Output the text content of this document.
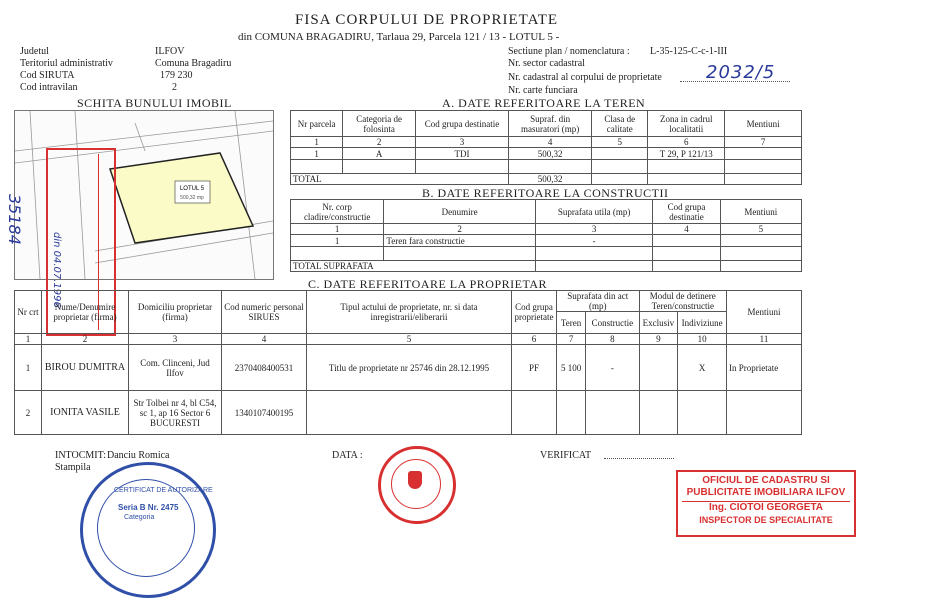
FISA CORPULUI DE PROPRIETATE
din COMUNA BRAGADIRU, Tarlaua 29, Parcela 121 / 13 - LOTUL 5 -
Judetul	ILFOV
Teritoriul administrativ	Comuna Bragadiru
Cod SIRUTA	179 230
Cod intravilan	2
Sectiune plan / nomenclatura : L-35-125-C-c-1-III
Nr. sector cadastral
Nr. cadastral al corpului de proprietate 2032/5
Nr. carte funciara
SCHITA BUNULUI IMOBIL
LOTUL 5
500,32 mp
35184
din 04.07.1996
A. DATE REFERITOARE LA TEREN
Nr parcela	Categoria de folosinta	Cod grupa destinatie	Supraf. din masuratori (mp)	Clasa de calitate	Zona in cadrul localitatii	Mentiuni
1	2	3	4	5	6	7
1	A	TDI	500,32		T 29, P 121/13	

TOTAL			500,32			
B. DATE REFERITOARE LA CONSTRUCTII
Nr. corp cladire/constructie	Denumire	Suprafata utila (mp)	Cod grupa destinatie	Mentiuni
1	2	3	4	5
1	Teren fara constructie	-		

TOTAL SUPRAFATA				
C. DATE REFERITOARE LA PROPRIETAR
Nr crt	Nume/Denumire proprietar (firma)	Domiciliu proprietar (firma)	Cod numeric personal SIRUES	Tipul actului de proprietate, nr. si data inregistrarii/eliberarii	Cod grupa proprietate	Suprafata din act (mp)		Modul de detinere Teren/constructie		Mentiuni
						Teren	Constructie	Exclusiv	Indiviziune	
1	2	3	4	5	6	7	8	9	10	11
1	BIROU DUMITRA	Com. Clinceni, Jud Ilfov	2370408400531	Titlu de proprietate nr 25746 din 28.12.1995	PF	5 100	-		X	In Proprietate
2	IONITA VASILE	Str Tolbei nr 4, bl C54, sc 1, ap 16 Sector 6 BUCURESTI	1340107400195							
INTOCMIT: Danciu Romica
Stampila
DATA :	VERIFICAT
CERTIFICAT DE AUTORIZARE
Seria B Nr. 2475
Categoria
OFICIUL DE CADASTRU SI
PUBLICITATE IMOBILIARA ILFOV
Ing. CIOTOI GEORGETA
INSPECTOR DE SPECIALITATE
